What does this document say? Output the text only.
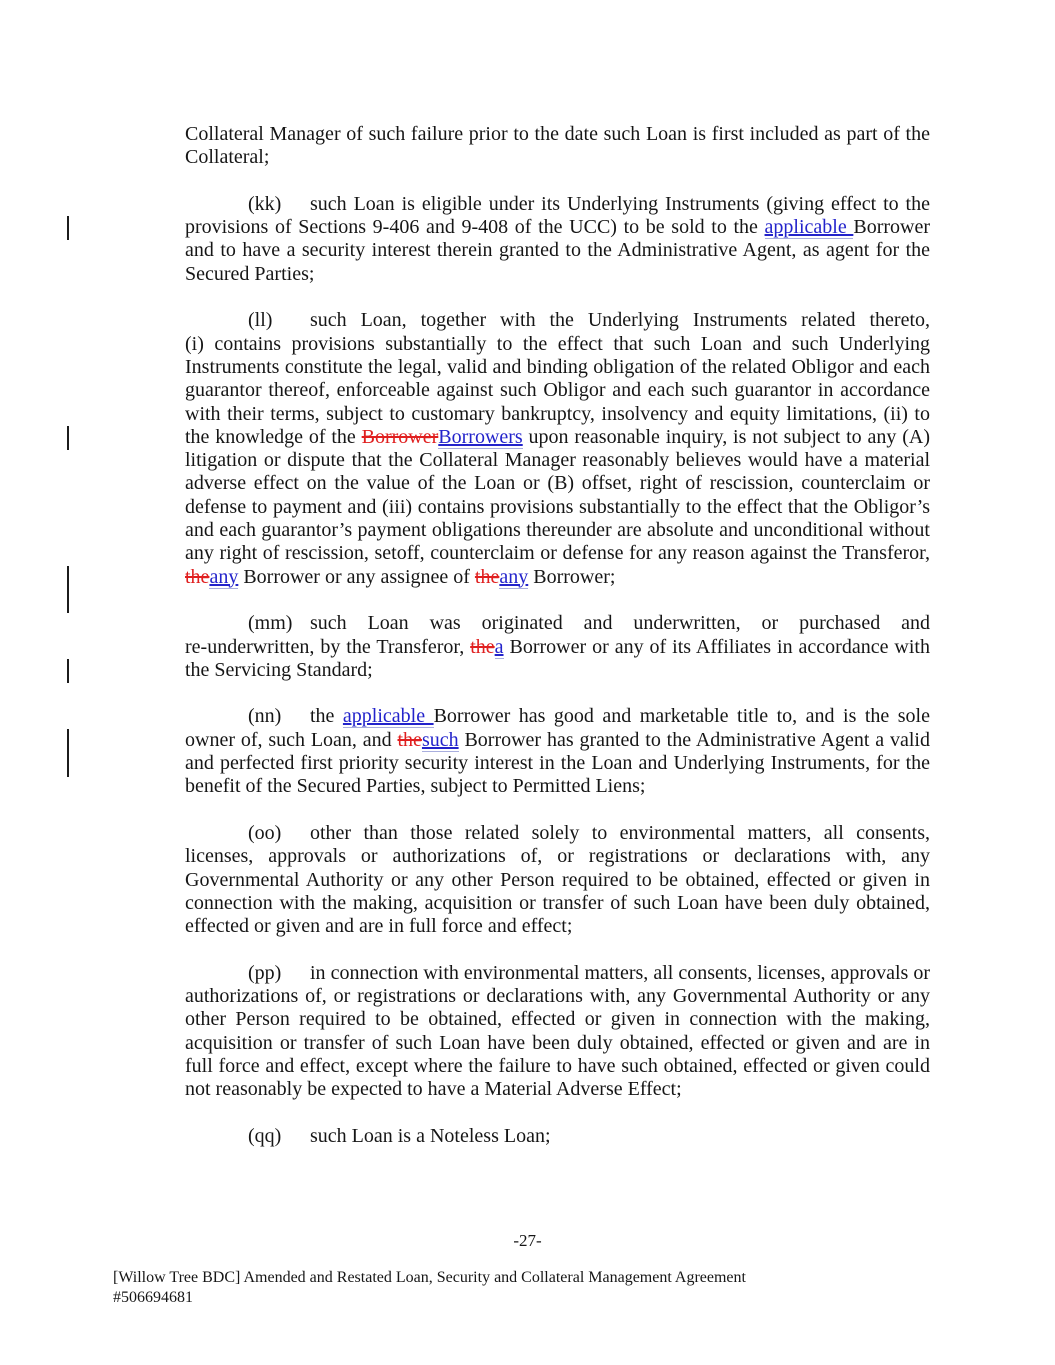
Collateral Manager of such failure prior to the date such Loan is first included as part of the Collateral;

(kk) such Loan is eligible under its Underlying Instruments (giving effect to the provisions of Sections 9-406 and 9-408 of the UCC) to be sold to the applicable Borrower and to have a security interest therein granted to the Administrative Agent, as agent for the Secured Parties;

(ll) such Loan, together with the Underlying Instruments related thereto, (i) contains provisions substantially to the effect that such Loan and such Underlying Instruments constitute the legal, valid and binding obligation of the related Obligor and each guarantor thereof, enforceable against such Obligor and each such guarantor in accordance with their terms, subject to customary bankruptcy, insolvency and equity limitations, (ii) to the knowledge of the BorrowerBorrowers upon reasonable inquiry, is not subject to any (A) litigation or dispute that the Collateral Manager reasonably believes would have a material adverse effect on the value of the Loan or (B) offset, right of rescission, counterclaim or defense to payment and (iii) contains provisions substantially to the effect that the Obligor’s and each guarantor’s payment obligations thereunder are absolute and unconditional without any right of rescission, setoff, counterclaim or defense for any reason against the Transferor, theany Borrower or any assignee of theany Borrower;

(mm) such Loan was originated and underwritten, or purchased and re‑underwritten, by the Transferor, thea Borrower or any of its Affiliates in accordance with the Servicing Standard;

(nn) the applicable Borrower has good and marketable title to, and is the sole owner of, such Loan, and thesuch Borrower has granted to the Administrative Agent a valid and perfected first priority security interest in the Loan and Underlying Instruments, for the benefit of the Secured Parties, subject to Permitted Liens;

(oo) other than those related solely to environmental matters, all consents, licenses, approvals or authorizations of, or registrations or declarations with, any Governmental Authority or any other Person required to be obtained, effected or given in connection with the making, acquisition or transfer of such Loan have been duly obtained, effected or given and are in full force and effect;

(pp) in connection with environmental matters, all consents, licenses, approvals or authorizations of, or registrations or declarations with, any Governmental Authority or any other Person required to be obtained, effected or given in connection with the making, acquisition or transfer of such Loan have been duly obtained, effected or given and are in full force and effect, except where the failure to have such obtained, effected or given could not reasonably be expected to have a Material Adverse Effect;

(qq) such Loan is a Noteless Loan;

-27-
[Willow Tree BDC] Amended and Restated Loan, Security and Collateral Management Agreement
#506694681
